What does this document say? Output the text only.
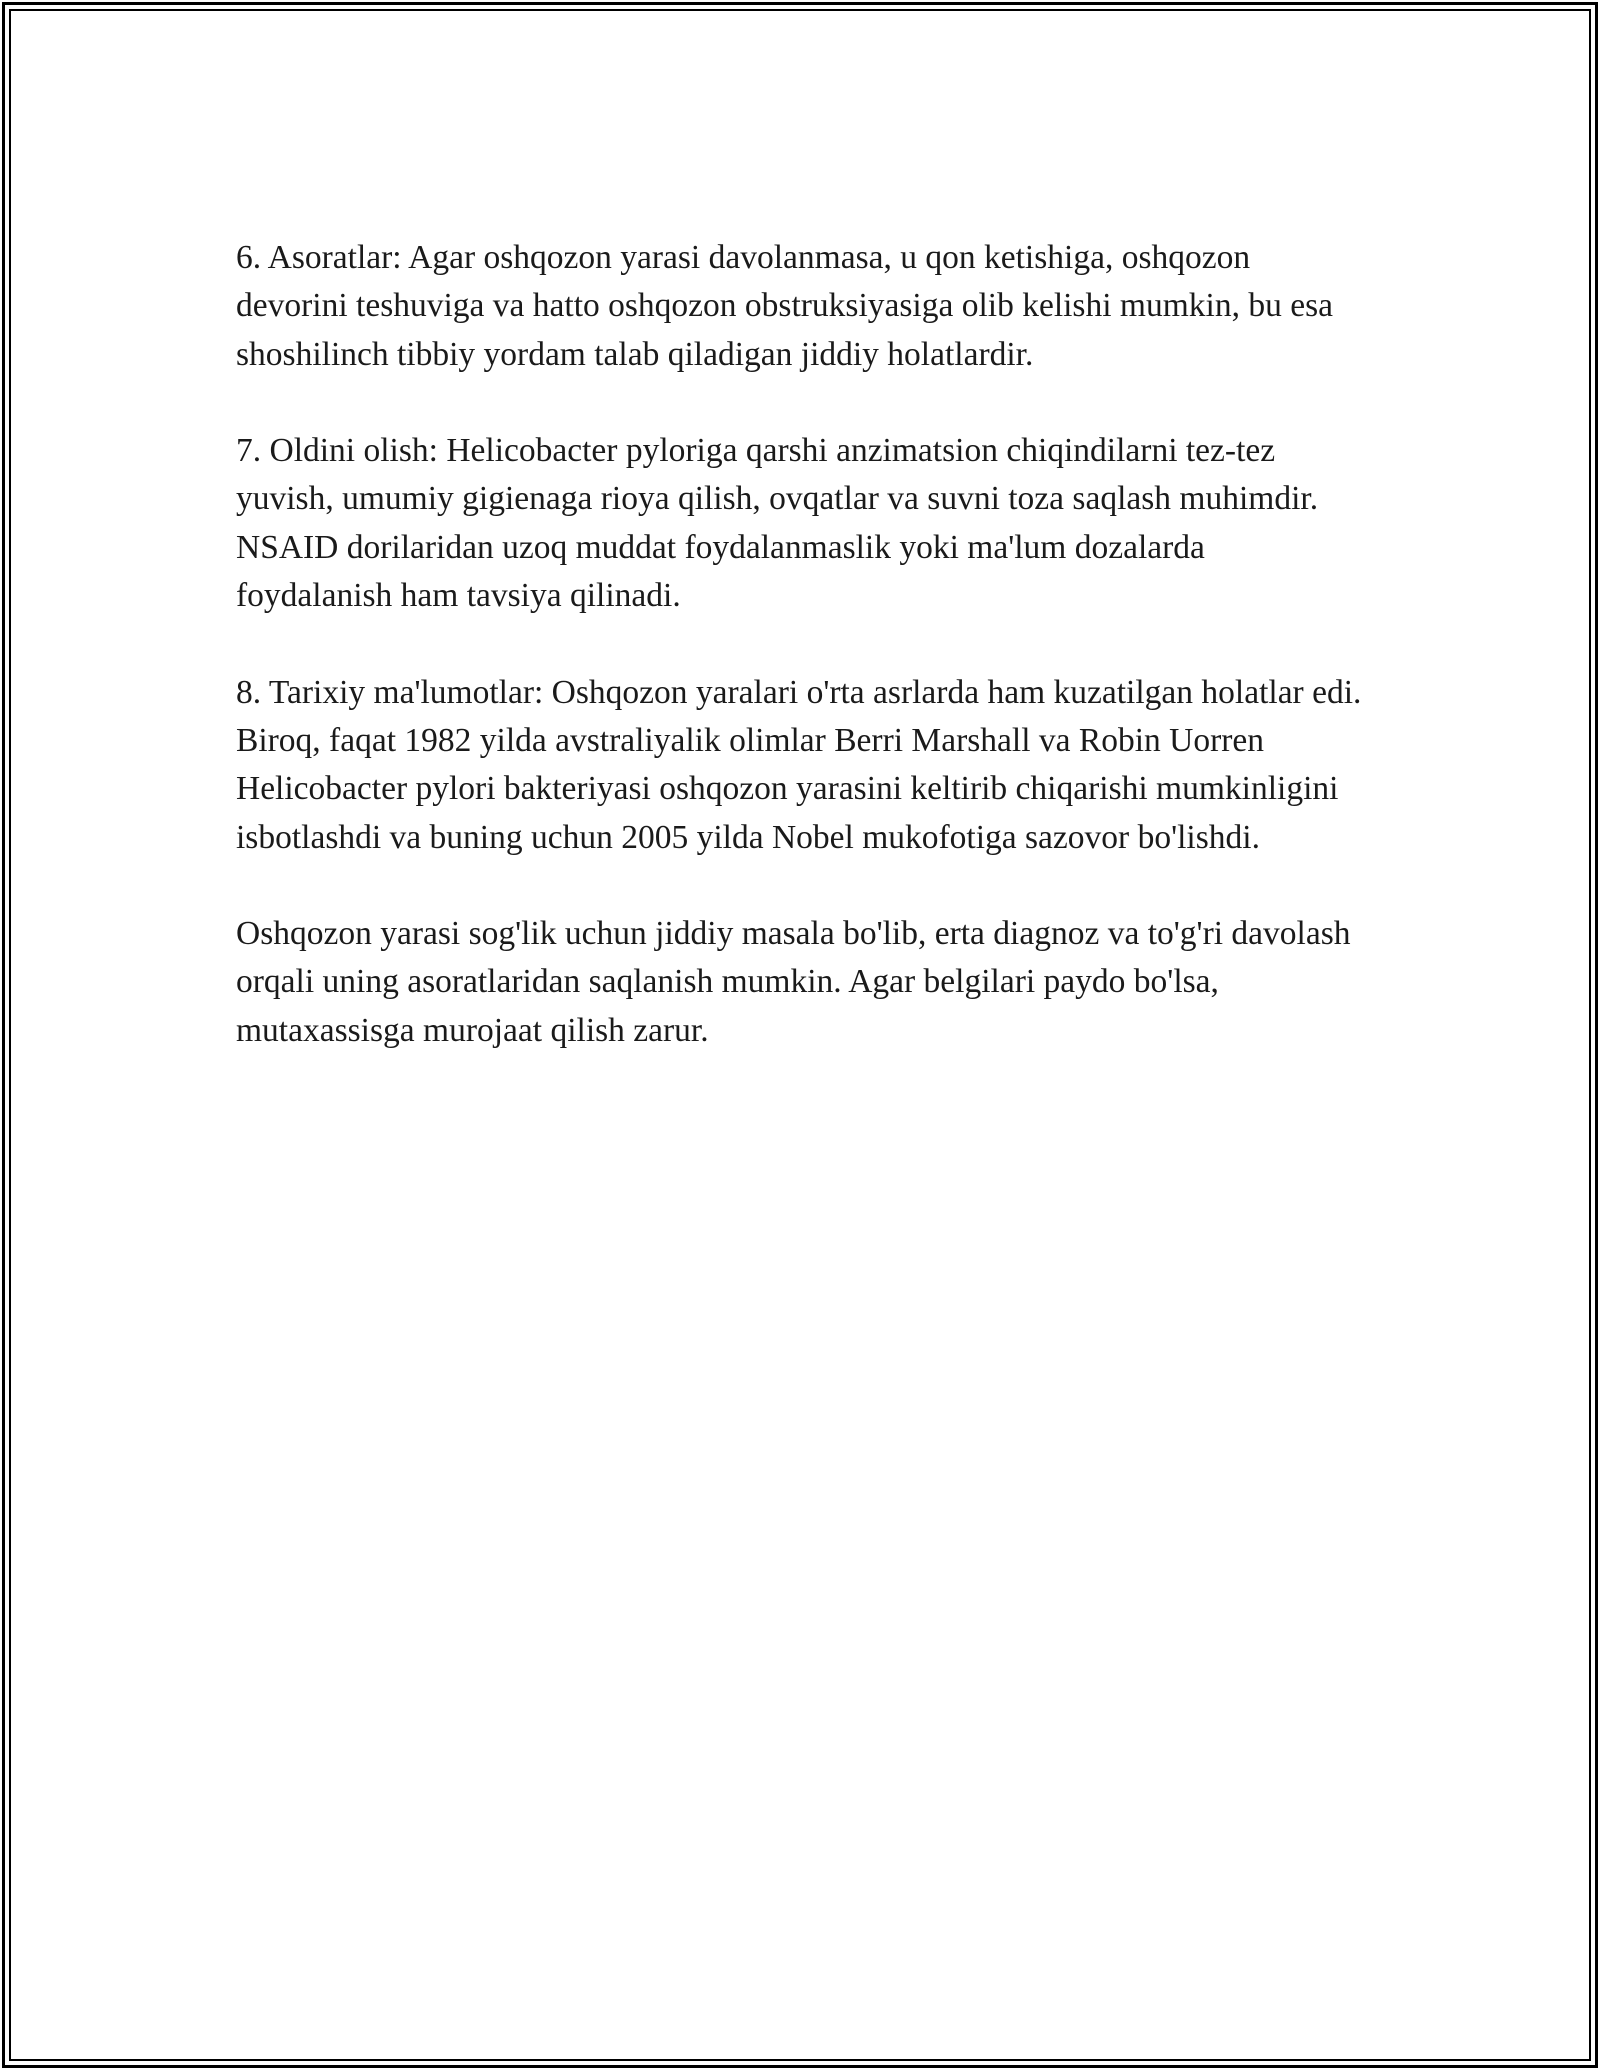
6. Asoratlar: Agar oshqozon yarasi davolanmasa, u qon ketishiga, oshqozon devorini teshuviga va hatto oshqozon obstruksiyasiga olib kelishi mumkin, bu esa shoshilinch tibbiy yordam talab qiladigan jiddiy holatlardir.

7. Oldini olish: Helicobacter pyloriga qarshi anzimatsion chiqindilarni tez-tez yuvish, umumiy gigienaga rioya qilish, ovqatlar va suvni toza saqlash muhimdir. NSAID dorilaridan uzoq muddat foydalanmaslik yoki ma'lum dozalarda foydalanish ham tavsiya qilinadi.

8. Tarixiy ma'lumotlar: Oshqozon yaralari o'rta asrlarda ham kuzatilgan holatlar edi. Biroq, faqat 1982 yilda avstraliyalik olimlar Berri Marshall va Robin Uorren Helicobacter pylori bakteriyasi oshqozon yarasini keltirib chiqarishi mumkinligini isbotlashdi va buning uchun 2005 yilda Nobel mukofotiga sazovor bo'lishdi.

Oshqozon yarasi sog'lik uchun jiddiy masala bo'lib, erta diagnoz va to'g'ri davolash orqali uning asoratlaridan saqlanish mumkin. Agar belgilari paydo bo'lsa, mutaxassisga murojaat qilish zarur.
